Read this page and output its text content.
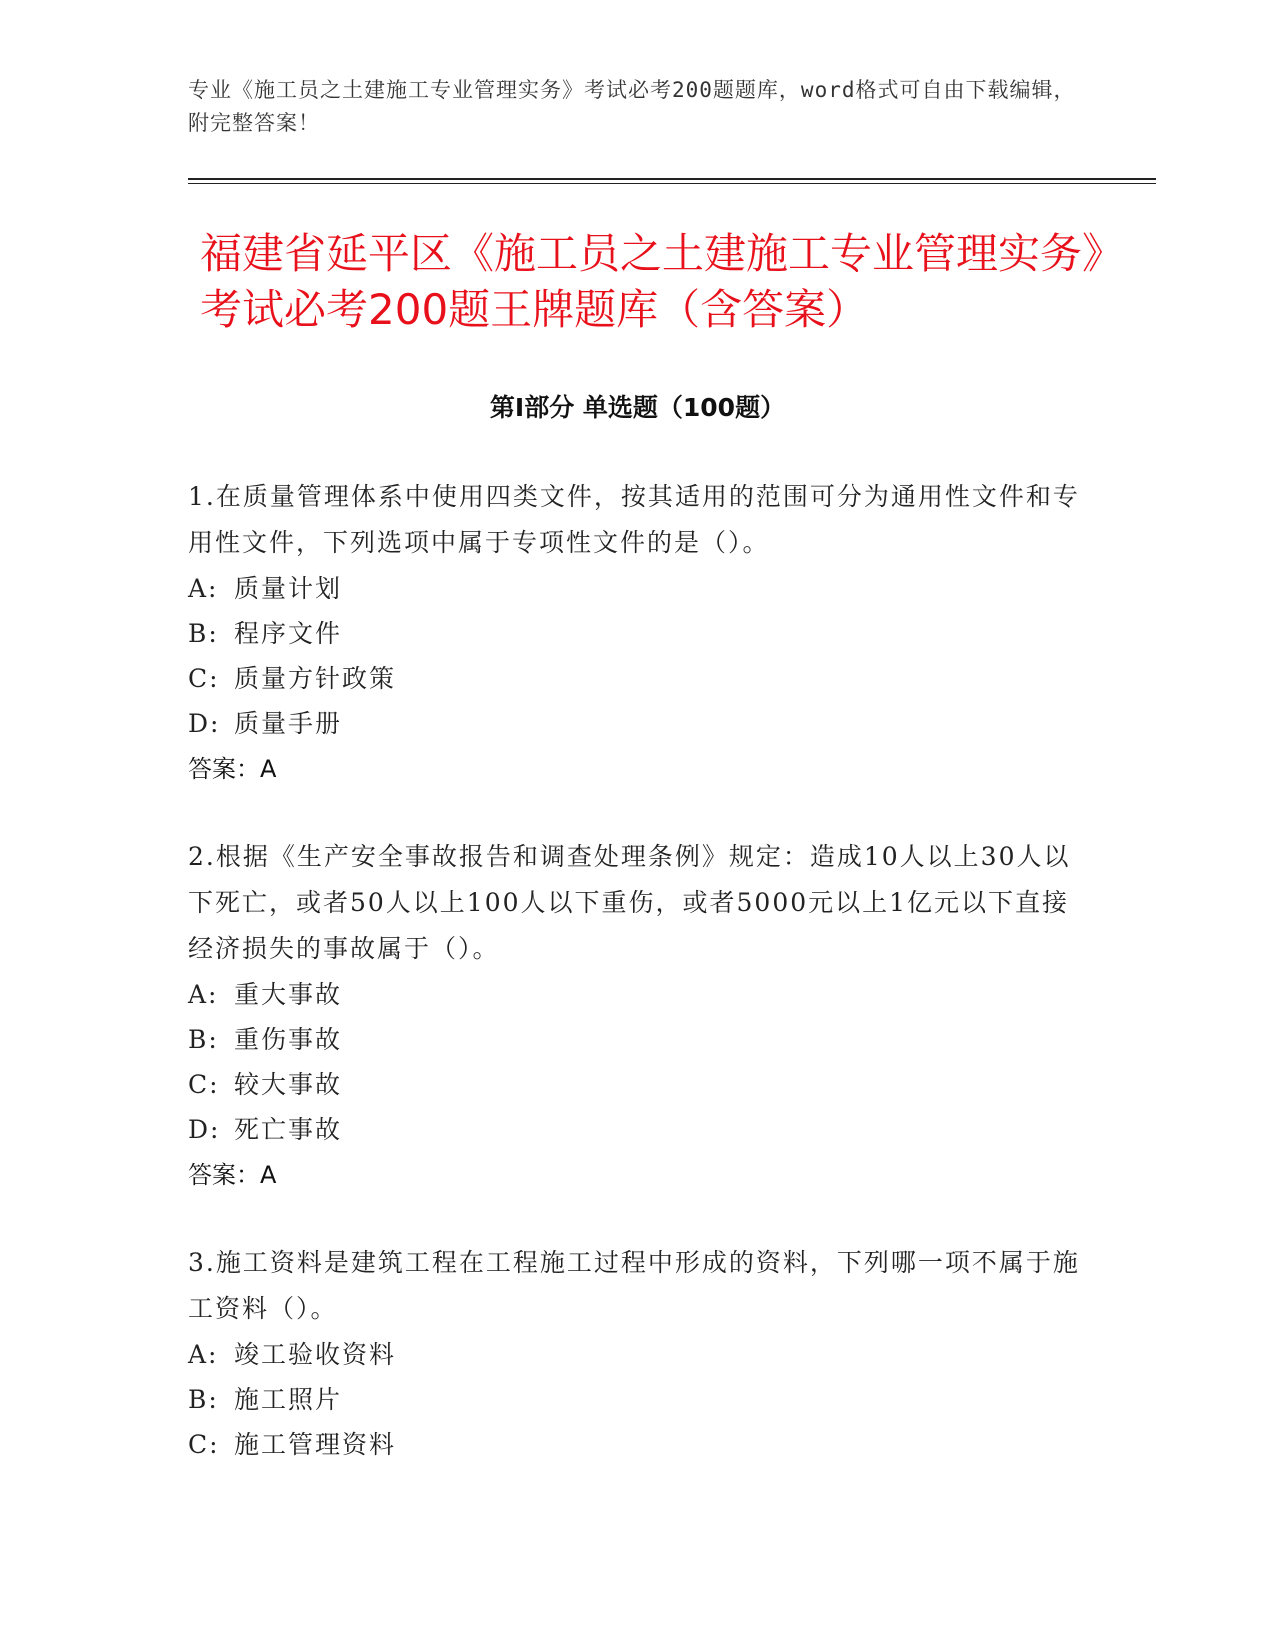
专业《施工员之土建施工专业管理实务》考试必考200题题库，word格式可自由下载编辑，附完整答案！
福建省延平区《施工员之土建施工专业管理实务》考试必考200题王牌题库（含答案）
第Ⅰ部分 单选题（100题）
1.在质量管理体系中使用四类文件，按其适用的范围可分为通用性文件和专用性文件，下列选项中属于专项性文件的是（）。
A: 质量计划
B: 程序文件
C: 质量方针政策
D: 质量手册
答案：A
2.根据《生产安全事故报告和调查处理条例》规定：造成10人以上30人以下死亡，或者50人以上100人以下重伤，或者5000元以上1亿元以下直接经济损失的事故属于（）。
A: 重大事故
B: 重伤事故
C: 较大事故
D: 死亡事故
答案：A
3.施工资料是建筑工程在工程施工过程中形成的资料，下列哪一项不属于施工资料（）。
A: 竣工验收资料
B: 施工照片
C: 施工管理资料
